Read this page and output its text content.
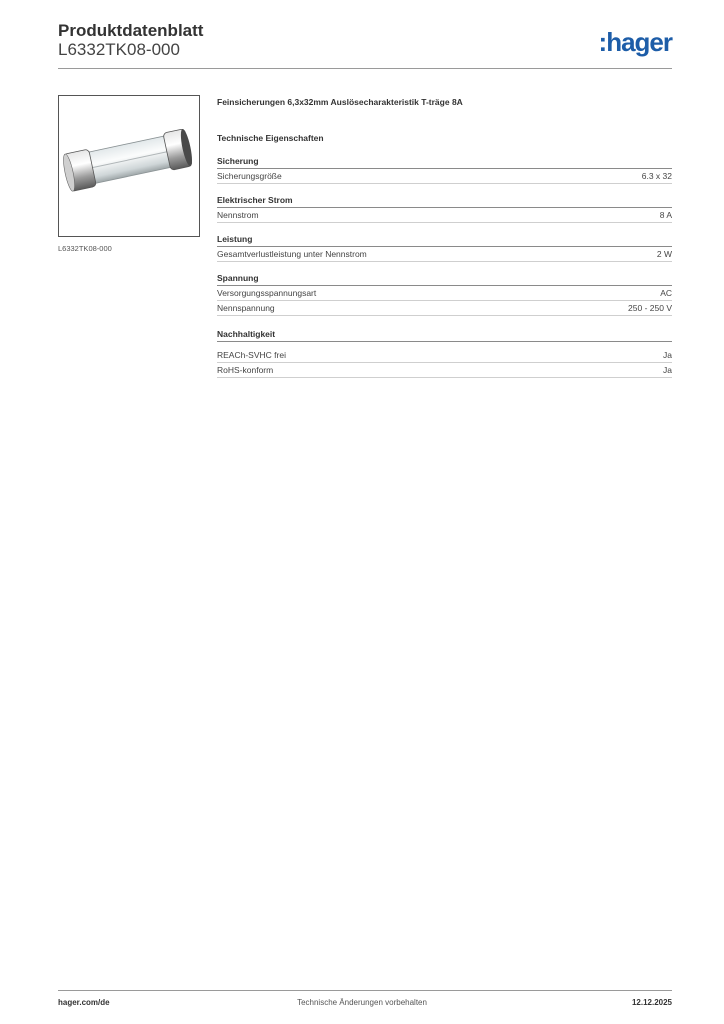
Produktdatenblatt
L6332TK08-000	:hager
L6332TK08-000
Feinsicherungen 6,3x32mm Auslösecharakteristik T-träge 8A
Technische Eigenschaften
Sicherung
Sicherungsgröße	6.3 x 32
Elektrischer Strom
Nennstrom	8 A
Leistung
Gesamtverlustleistung unter Nennstrom	2 W
Spannung
Versorgungsspannungsart	AC
Nennspannung	250 - 250 V
Nachhaltigkeit
REACh-SVHC frei	Ja
RoHS-konform	Ja
Technische Änderungen vorbehalten
hager.com/de	12.12.2025
